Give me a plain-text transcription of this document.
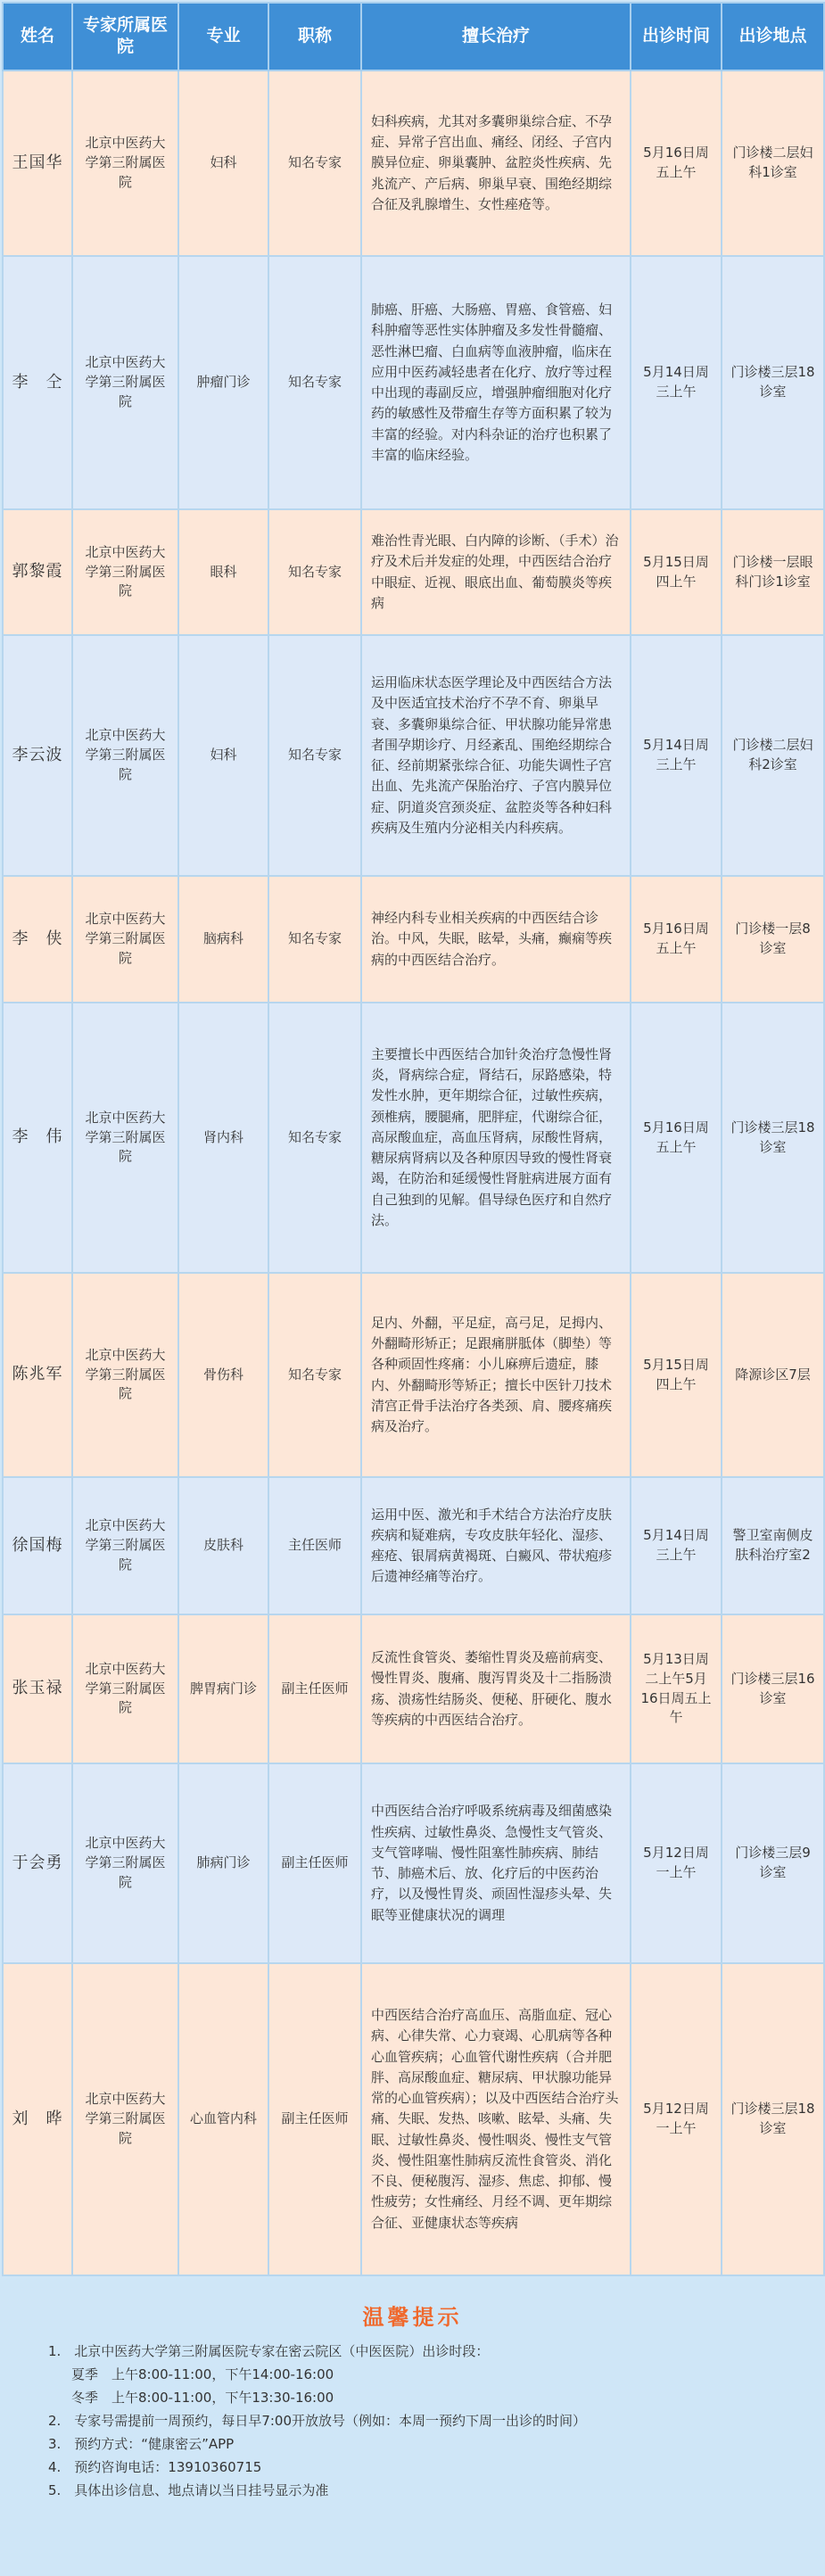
姓名	专家所属医院	专业	职称	擅长治疗	出诊时间	出诊地点
王国华	北京中医药大学第三附属医院	妇科	知名专家	妇科疾病，尤其对多囊卵巢综合症、不孕症、异常子宫出血、痛经、闭经、子宫内膜异位症、卵巢囊肿、盆腔炎性疾病、先兆流产、产后病、卵巢早衰、围绝经期综合征及乳腺增生、女性痤疮等。	5月16日周五上午	门诊楼二层妇科1诊室
李　仝	北京中医药大学第三附属医院	肿瘤门诊	知名专家	肺癌、肝癌、大肠癌、胃癌、食管癌、妇科肿瘤等恶性实体肿瘤及多发性骨髓瘤、恶性淋巴瘤、白血病等血液肿瘤，临床在应用中医药减轻患者在化疗、放疗等过程中出现的毒副反应，增强肿瘤细胞对化疗药的敏感性及带瘤生存等方面积累了较为丰富的经验。对内科杂证的治疗也积累了丰富的临床经验。	5月14日周三上午	门诊楼三层18诊室
郭黎霞	北京中医药大学第三附属医院	眼科	知名专家	难治性青光眼、白内障的诊断、（手术）治疗及术后并发症的处理，中西医结合治疗中眼症、近视、眼底出血、葡萄膜炎等疾病	5月15日周四上午	门诊楼一层眼科门诊1诊室
李云波	北京中医药大学第三附属医院	妇科	知名专家	运用临床状态医学理论及中西医结合方法及中医适宜技术治疗不孕不育、卵巢早衰、多囊卵巢综合征、甲状腺功能异常患者围孕期诊疗、月经紊乱、围绝经期综合征、经前期紧张综合征、功能失调性子宫出血、先兆流产保胎治疗、子宫内膜异位症、阴道炎宫颈炎症、盆腔炎等各种妇科疾病及生殖内分泌相关内科疾病。	5月14日周三上午	门诊楼二层妇科2诊室
李　侠	北京中医药大学第三附属医院	脑病科	知名专家	神经内科专业相关疾病的中西医结合诊治。中风，失眠，眩晕，头痛，癫痫等疾病的中西医结合治疗。	5月16日周五上午	门诊楼一层8诊室
李　伟	北京中医药大学第三附属医院	肾内科	知名专家	主要擅长中西医结合加针灸治疗急慢性肾炎，肾病综合症，肾结石，尿路感染，特发性水肿，更年期综合征，过敏性疾病，颈椎病，腰腿痛，肥胖症，代谢综合征，高尿酸血症，高血压肾病，尿酸性肾病，糖尿病肾病以及各种原因导致的慢性肾衰竭，在防治和延缓慢性肾脏病进展方面有自己独到的见解。倡导绿色医疗和自然疗法。	5月16日周五上午	门诊楼三层18诊室
陈兆军	北京中医药大学第三附属医院	骨伤科	知名专家	足内、外翻，平足症，高弓足，足拇内、外翻畸形矫正；足跟痛胼胝体（脚垫）等各种顽固性疼痛：小儿麻痹后遗症，膝内、外翻畸形等矫正；擅长中医针刀技术清宫正骨手法治疗各类颈、肩、腰疼痛疾病及治疗。	5月15日周四上午	降源诊区7层
徐国梅	北京中医药大学第三附属医院	皮肤科	主任医师	运用中医、激光和手术结合方法治疗皮肤疾病和疑难病，专攻皮肤年轻化、湿疹、痤疮、银屑病黄褐斑、白癜风、带状疱疹后遗神经痛等治疗。	5月14日周三上午	警卫室南侧皮肤科治疗室2
张玉禄	北京中医药大学第三附属医院	脾胃病门诊	副主任医师	反流性食管炎、萎缩性胃炎及癌前病变、慢性胃炎、腹痛、腹泻胃炎及十二指肠溃疡、溃疡性结肠炎、便秘、肝硬化、腹水等疾病的中西医结合治疗。	5月13日周二上午5月16日周五上午	门诊楼三层16诊室
于会勇	北京中医药大学第三附属医院	肺病门诊	副主任医师	中西医结合治疗呼吸系统病毒及细菌感染性疾病、过敏性鼻炎、急慢性支气管炎、支气管哮喘、慢性阻塞性肺疾病、肺结节、肺癌术后、放、化疗后的中医药治疗，以及慢性胃炎、顽固性湿疹头晕、失眠等亚健康状况的调理	5月12日周一上午	门诊楼三层9诊室
刘　晔	北京中医药大学第三附属医院	心血管内科	副主任医师	中西医结合治疗高血压、高脂血症、冠心病、心律失常、心力衰竭、心肌病等各种心血管疾病；心血管代谢性疾病（合并肥胖、高尿酸血症、糖尿病、甲状腺功能异常的心血管疾病）；以及中西医结合治疗头痛、失眠、发热、咳嗽、眩晕、头痛、失眠、过敏性鼻炎、慢性咽炎、慢性支气管炎、慢性阻塞性肺病反流性食管炎、消化不良、便秘腹泻、湿疹、焦虑、抑郁、慢性疲劳；女性痛经、月经不调、更年期综合征、亚健康状态等疾病	5月12日周一上午	门诊楼三层18诊室
温馨提示
1.　北京中医药大学第三附属医院专家在密云院区（中医医院）出诊时段：
夏季　上午8:00-11:00，下午14:00-16:00
冬季　上午8:00-11:00，下午13:30-16:00
2.　专家号需提前一周预约，每日早7:00开放放号（例如：本周一预约下周一出诊的时间）
3.　预约方式：“健康密云”APP
4.　预约咨询电话：13910360715
5.　具体出诊信息、地点请以当日挂号显示为准
